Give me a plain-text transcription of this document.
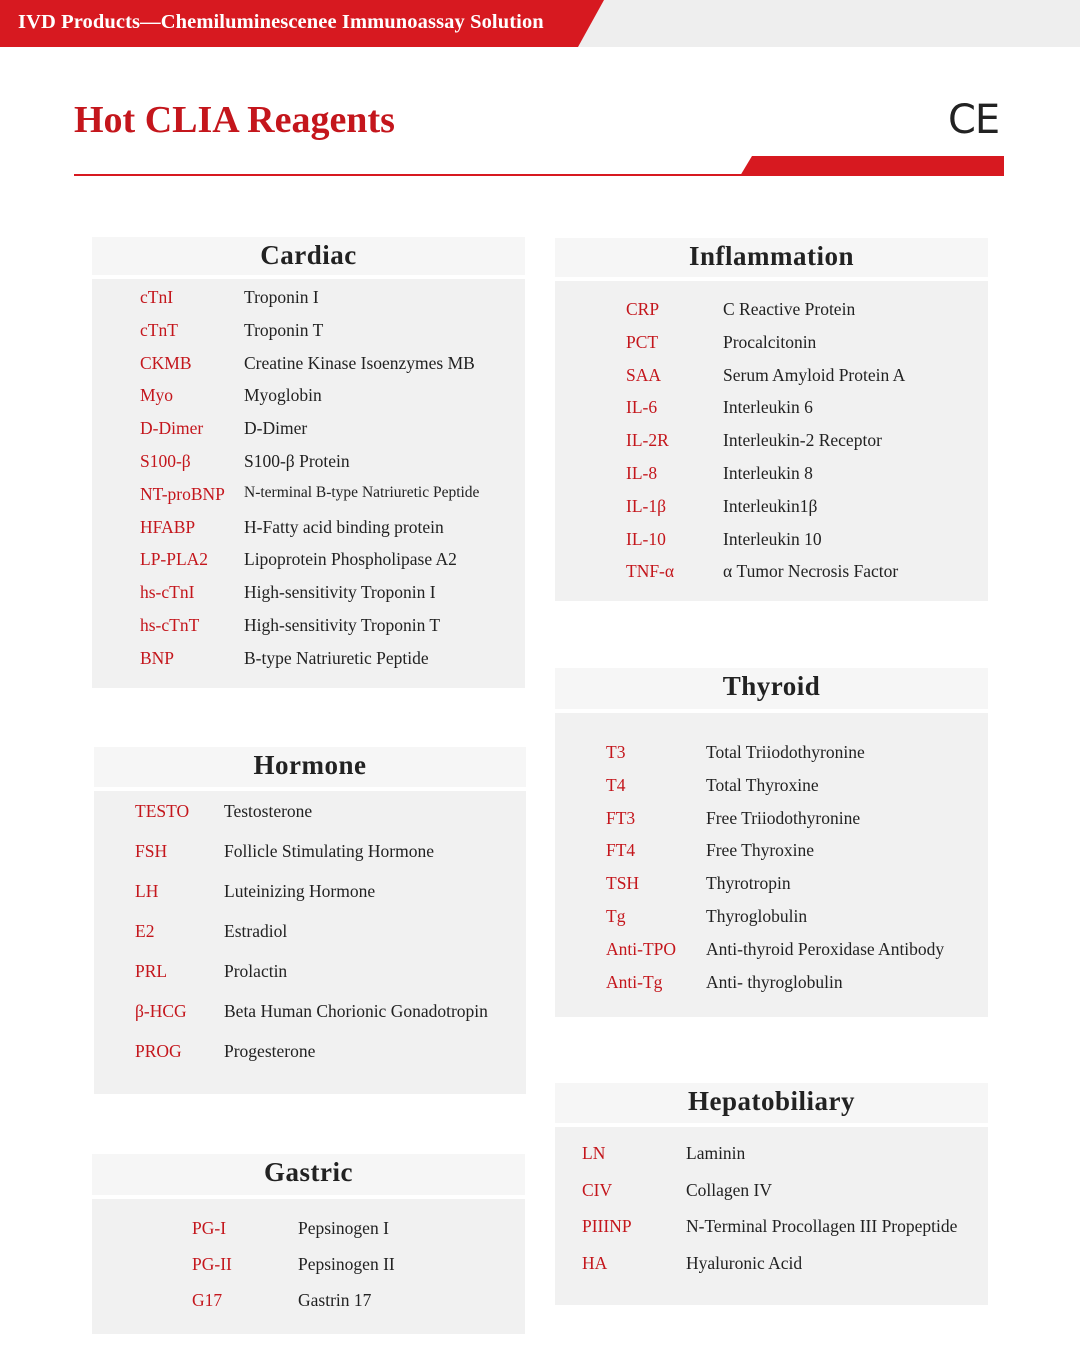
IVD Products—Chemiluminescenee Immunoassay Solution
Hot CLIA Reagents	CE
Cardiac
cTnI	Troponin I
cTnT	Troponin T
CKMB	Creatine Kinase Isoenzymes MB
Myo	Myoglobin
D-Dimer D-Dimer
S100-β	S100-β Protein
NT-proBNP N-terminal B-type Natriuretic Peptide
HFABP	H-Fatty acid binding protein
LP-PLA2 Lipoprotein Phospholipase A2
hs-cTnI	High-sensitivity Troponin I
hs-cTnT	High-sensitivity Troponin T
BNP	B-type Natriuretic Peptide
Hormone
TESTO Testosterone
FSH	Follicle Stimulating Hormone
LH	Luteinizing Hormone
E2	Estradiol
PRL	Prolactin
β-HCG Beta Human Chorionic Gonadotropin
PROG Progesterone
Gastric
PG-I	Pepsinogen I
PG-II	Pepsinogen II
G17	Gastrin 17
Inflammation
CRP	C Reactive Protein
PCT	Procalcitonin
SAA	Serum Amyloid Protein A
IL-6	Interleukin 6
IL-2R	Interleukin-2 Receptor
IL-8	Interleukin 8
IL-1β	Interleukin1β
IL-10	Interleukin 10
TNF-α	α Tumor Necrosis Factor
Thyroid
T3	Total Triiodothyronine
T4	Total Thyroxine
FT3	Free Triiodothyronine
FT4	Free Thyroxine
TSH	Thyrotropin
Tg	Thyroglobulin
Anti-TPO Anti-thyroid Peroxidase Antibody
Anti-Tg Anti- thyroglobulin
Hepatobiliary
LN	Laminin
CIV	Collagen IV
PIIINP	N-Terminal Procollagen III Propeptide
HA	Hyaluronic Acid
